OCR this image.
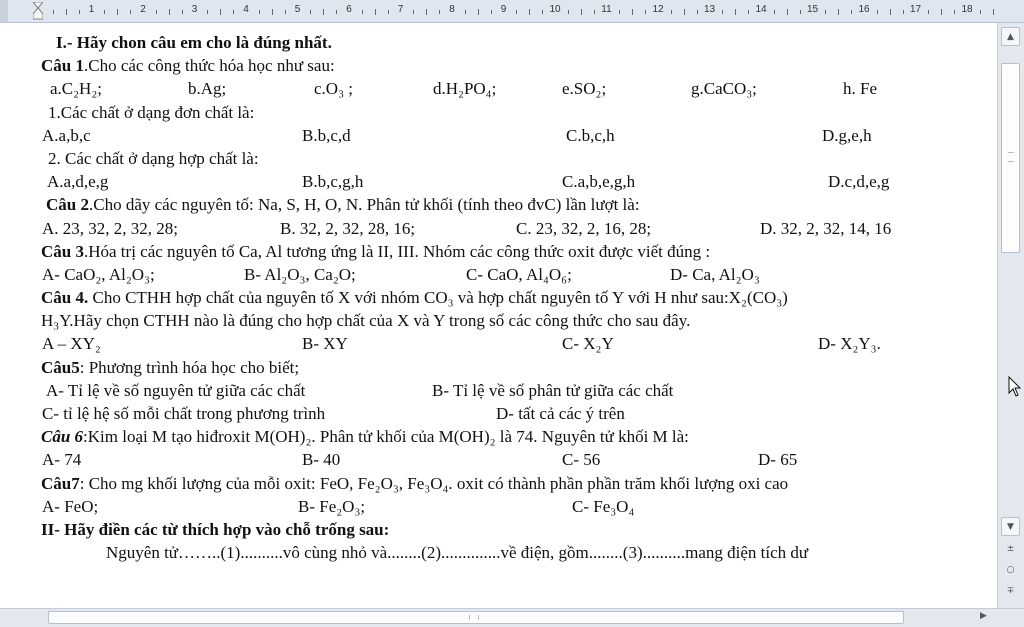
1	2	3	4	5	6	7	8	9	10	11	12	13	14	15	16	17	18
I.- Hãy chon câu em cho là đúng nhất.
Câu 1.Cho các công thức hóa học như sau:
a.C₂H₂;	b.Ag;	c.O₃ ;	d.H₂PO₄;	e.SO₂;	g.CaCO₃;	h. Fe
1.Các chất ở dạng đơn chất là:
A.a,b,c	B.b,c,d	C.b,c,h	D.g,e,h
2. Các chất ở dạng hợp chất là:
A.a,d,e,g	B.b,c,g,h	C.a,b,e,g,h	D.c,d,e,g
Câu 2.Cho dãy các nguyên tố: Na, S, H, O, N. Phân tử khối (tính theo đvC) lần lượt là:
A. 23, 32, 2, 32, 28;	B. 32, 2, 32, 28, 16;	C. 23, 32, 2, 16, 28;	D. 32, 2, 32, 14, 16
Câu 3.Hóa trị các nguyên tố Ca, Al tương ứng là II, III. Nhóm các công thức oxit được viết đúng :
A- CaO₂, Al₂O₃;	B- Al₂O₃, Ca₂O;	C- CaO, Al₄O₆;	D- Ca, Al₂O₃
Câu 4. Cho CTHH hợp chất của nguyên tố X với nhóm CO₃ và hợp chất nguyên tố Y với H như sau:X₂(CO₃)
H₃Y.Hãy chọn CTHH nào là đúng cho hợp chất của X và Y trong số các công thức cho sau đây.
A – XY₂	B- XY	C- X₂Y	D- X₂Y₃.
Câu5: Phương trình hóa học cho biết;
A- Tỉ lệ về số nguyên tử giữa các chất	B- Tỉ lệ về số phân tử giữa các chất
C- tỉ lệ hệ số mỗi chất trong phương trình	D- tất cả các ý trên
Câu 6:Kim loại M tạo hiđroxit M(OH)₂. Phân tử khối của M(OH)₂ là 74. Nguyên tử khối M là:
A- 74	B- 40	C- 56	D- 65
Câu7: Cho mg khối lượng của mỗi oxit: FeO, Fe₂O₃, Fe₃O₄. oxit có thành phần phần trăm khối lượng oxi cao
A- FeO;	B- Fe₂O₃;	C- Fe₃O₄
II- Hãy điền các từ thích hợp vào chỗ trống sau:
Nguyên tử……..(1)..........vô cùng nhỏ và........(2)..............về điện, gồm........(3)..........mang điện tích dư
▲
▼
±
○
∓
▶
